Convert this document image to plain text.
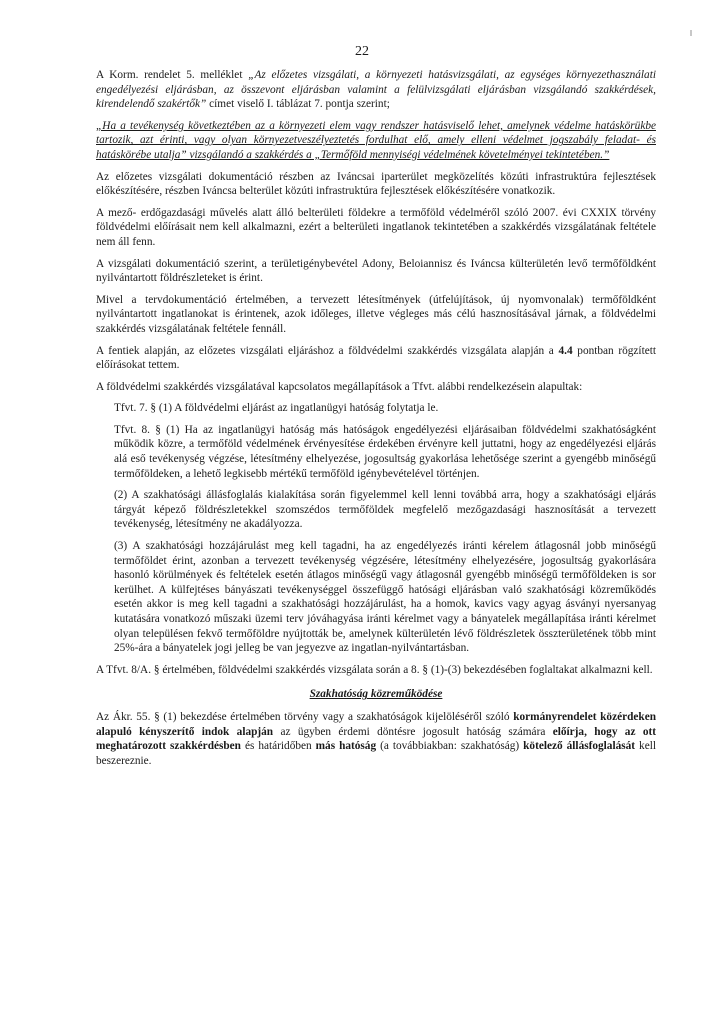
22

A Korm. rendelet 5. melléklet „Az előzetes vizsgálati, a környezeti hatásvizsgálati, az egységes környezethasználati engedélyezési eljárásban, az összevont eljárásban valamint a felülvizsgálati eljárásban vizsgálandó szakkérdések, kirendelendő szakértők” címet viselő I. táblázat 7. pontja szerint;

„Ha a tevékenység következtében az a környezeti elem vagy rendszer hatásviselő lehet, amelynek védelme hatáskörükbe tartozik, azt érinti, vagy olyan környezetveszélyeztetés fordulhat elő, amely elleni védelmet jogszabály feladat- és hatáskörébe utalja” vizsgálandó a szakkérdés a „Termőföld mennyiségi védelmének követelményei tekintetében.”

Az előzetes vizsgálati dokumentáció részben az Iváncsai iparterület megközelítés közúti infrastruktúra fejlesztések előkészítésére, részben Iváncsa belterület közúti infrastruktúra fejlesztések előkészítésére vonatkozik.

A mező- erdőgazdasági művelés alatt álló belterületi földekre a termőföld védelméről szóló 2007. évi CXXIX törvény földvédelmi előírásait nem kell alkalmazni, ezért a belterületi ingatlanok tekintetében a szakkérdés vizsgálatának feltétele nem áll fenn.

A vizsgálati dokumentáció szerint, a területigénybevétel Adony, Beloiannisz és Iváncsa külterületén levő termőföldként nyilvántartott földrészleteket is érint.

Mivel a tervdokumentáció értelmében, a tervezett létesítmények (útfelújítások, új nyomvonalak) termőföldként nyilvántartott ingatlanokat is érintenek, azok időleges, illetve végleges más célú hasznosításával járnak, a földvédelmi szakkérdés vizsgálatának feltétele fennáll.

A fentiek alapján, az előzetes vizsgálati eljáráshoz a földvédelmi szakkérdés vizsgálata alapján a 4.4 pontban rögzített előírásokat tettem.

A földvédelmi szakkérdés vizsgálatával kapcsolatos megállapítások a Tfvt. alábbi rendelkezésein alapultak:

Tfvt. 7. § (1) A földvédelmi eljárást az ingatlanügyi hatóság folytatja le.

Tfvt. 8. § (1) Ha az ingatlanügyi hatóság más hatóságok engedélyezési eljárásaiban földvédelmi szakhatóságként működik közre, a termőföld védelmének érvényesítése érdekében érvényre kell juttatni, hogy az engedélyezési eljárás alá eső tevékenység végzése, létesítmény elhelyezése, jogosultság gyakorlása lehetősége szerint a gyengébb minőségű termőföldeken, a lehető legkisebb mértékű termőföld igénybevételével történjen.

(2) A szakhatósági állásfoglalás kialakítása során figyelemmel kell lenni továbbá arra, hogy a szakhatósági eljárás tárgyát képező földrészletekkel szomszédos termőföldek megfelelő mezőgazdasági hasznosítását a tervezett tevékenység, létesítmény ne akadályozza.

(3) A szakhatósági hozzájárulást meg kell tagadni, ha az engedélyezés iránti kérelem átlagosnál jobb minőségű termőföldet érint, azonban a tervezett tevékenység végzésére, létesítmény elhelyezésére, jogosultság gyakorlására hasonló körülmények és feltételek esetén átlagos minőségű vagy átlagosnál gyengébb minőségű termőföldeken is sor kerülhet. A külfejtéses bányászati tevékenységgel összefüggő hatósági eljárásban való szakhatósági közreműködés esetén akkor is meg kell tagadni a szakhatósági hozzájárulást, ha a homok, kavics vagy agyag ásványi nyersanyag kutatására vonatkozó műszaki üzemi terv jóváhagyása iránti kérelmet vagy a bányatelek megállapítása iránti kérelmet olyan településen fekvő termőföldre nyújtották be, amelynek külterületén lévő földrészletek összterületének több mint 25%-ára a bányatelek jogi jelleg be van jegyezve az ingatlan-nyilvántartásban.

A Tfvt. 8/A. § értelmében, földvédelmi szakkérdés vizsgálata során a 8. § (1)-(3) bekezdésében foglaltakat alkalmazni kell.

Szakhatóság közreműködése

Az Ákr. 55. § (1) bekezdése értelmében törvény vagy a szakhatóságok kijelöléséről szóló kormányrendelet közérdeken alapuló kényszerítő indok alapján az ügyben érdemi döntésre jogosult hatóság számára előírja, hogy az ott meghatározott szakkérdésben és határidőben más hatóság (a továbbiakban: szakhatóság) kötelező állásfoglalását kell beszereznie.
